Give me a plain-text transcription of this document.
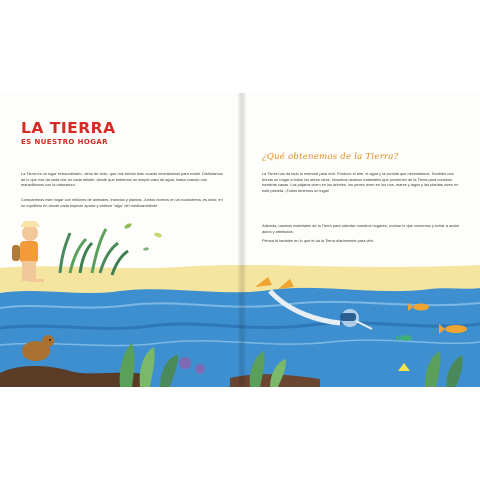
LA TIERRA
ES NUESTRO HOGAR

La Tierra es un lugar extraordinario –lleno de vida– que nos brinda todo cuanto necesitamos para existir. Disfrutamos de lo que nos da cada día: en cada detalle; desde que bebemos un simple vaso de agua, hasta cuando nos maravillamos con la naturaleza.

Compartimos este hogar con millones de animales, insectos y plantas. Juntos vivimos en un ecosistema, es decir, en un equilibrio en donde cada especie aporta y obtiene “algo” del medioambiente.

¿Qué obtenemos de la Tierra?

La Tierra nos da todo lo esencial para vivir. Produce el aire, el agua y la comida que necesitamos. También nos brinda un hogar a todos los seres vivos. Nosotros usamos materiales que provienen de la Tierra para construir nuestras casas. Los pájaros viven en los árboles, los peces viven en los ríos, mares y lagos y las plantas viven en este planeta. ¡Todos tenemos un lugar!

Además, usamos materiales de la Tierra para calentar nuestros hogares, cocinar lo que comemos y echar a andar autos y artefactos.

Piensa tú también en lo que te da la Tierra diariamente para vivir.
